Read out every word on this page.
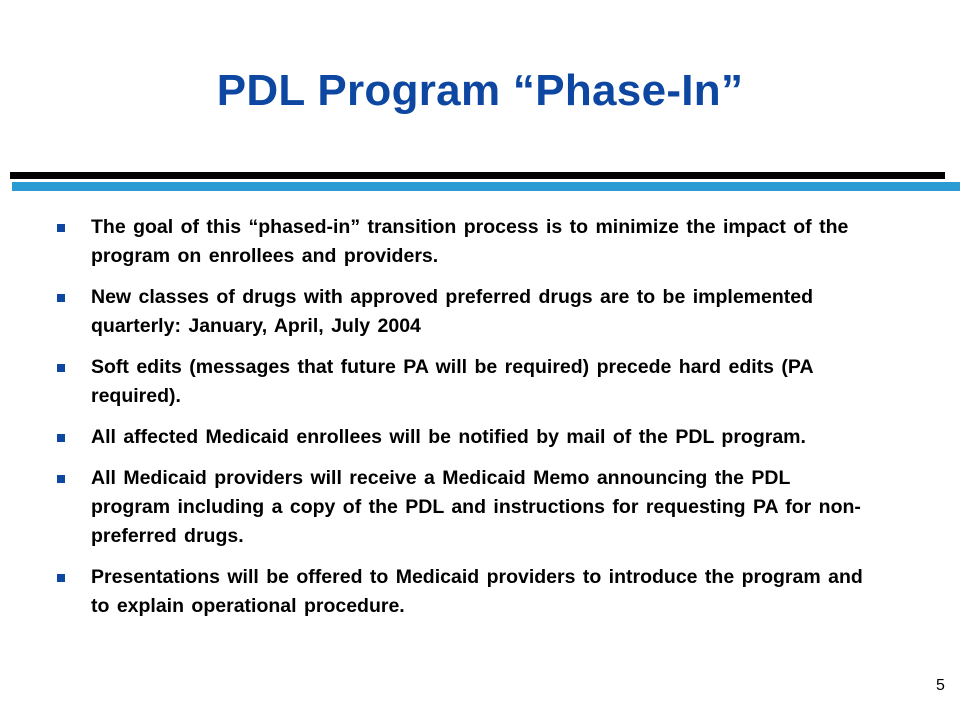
PDL Program “Phase-In”
The goal of this “phased-in” transition process is to minimize the impact of the program on enrollees and providers.
New classes of drugs with approved preferred drugs are to be implemented quarterly: January, April, July 2004
Soft edits (messages that future PA will be required) precede hard edits (PA required).
All affected Medicaid enrollees will be notified by mail of the PDL program.
All Medicaid providers will receive a Medicaid Memo announcing the PDL program including a copy of the PDL and instructions for requesting PA for non-preferred drugs.
Presentations will be offered to Medicaid providers to introduce the program and to explain operational procedure.
5
